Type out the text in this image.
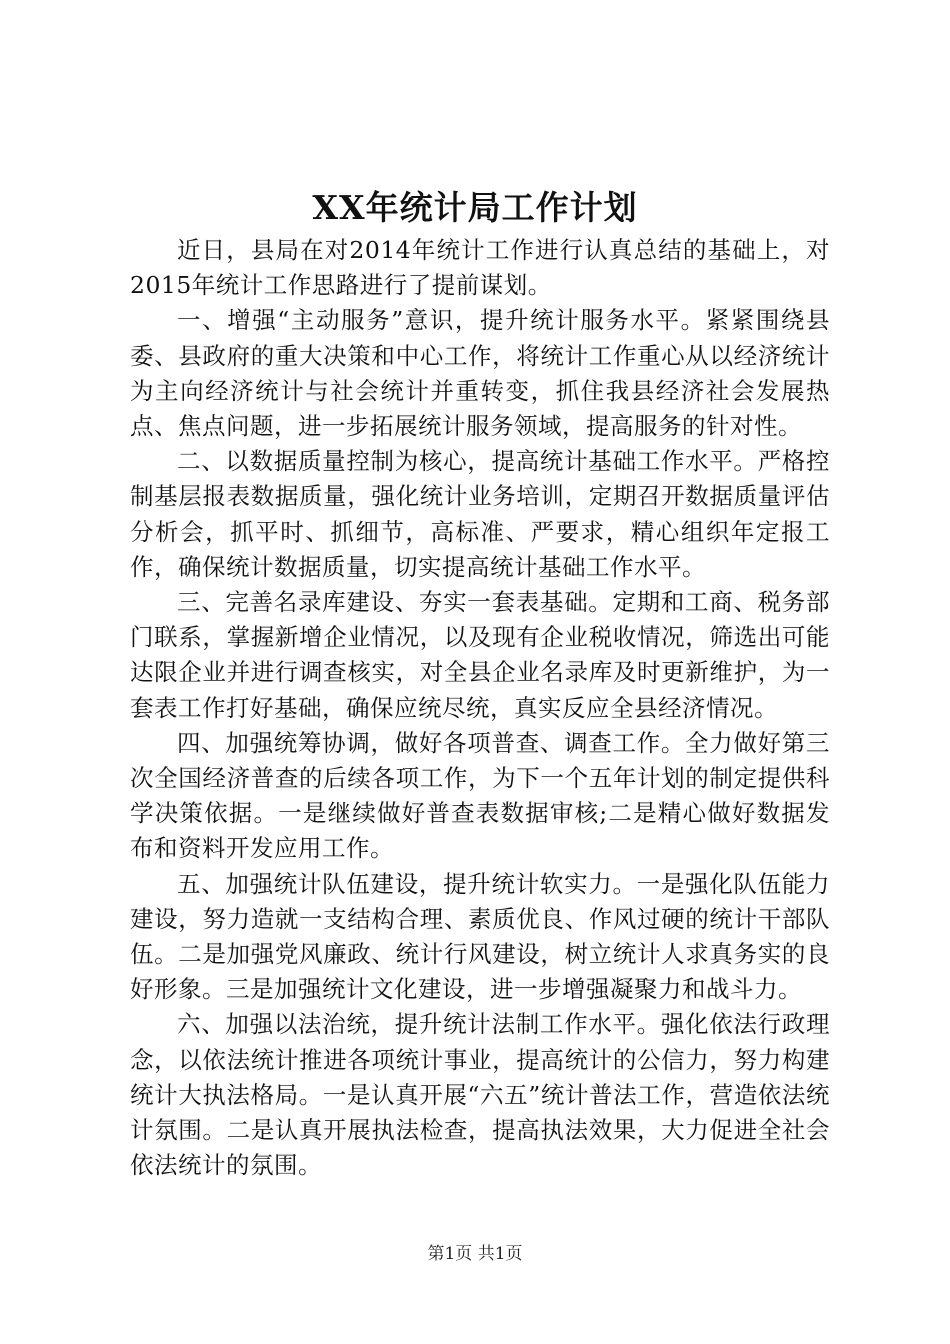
XX年统计局工作计划

近日，县局在对2014年统计工作进行认真总结的基础上，对2015年统计工作思路进行了提前谋划。

一、增强“主动服务”意识，提升统计服务水平。紧紧围绕县委、县政府的重大决策和中心工作，将统计工作重心从以经济统计为主向经济统计与社会统计并重转变，抓住我县经济社会发展热点、焦点问题，进一步拓展统计服务领域，提高服务的针对性。

二、以数据质量控制为核心，提高统计基础工作水平。严格控制基层报表数据质量，强化统计业务培训，定期召开数据质量评估分析会，抓平时、抓细节，高标准、严要求，精心组织年定报工作，确保统计数据质量，切实提高统计基础工作水平。

三、完善名录库建设、夯实一套表基础。定期和工商、税务部门联系，掌握新增企业情况，以及现有企业税收情况，筛选出可能达限企业并进行调查核实，对全县企业名录库及时更新维护，为一套表工作打好基础，确保应统尽统，真实反应全县经济情况。

四、加强统筹协调，做好各项普查、调查工作。全力做好第三次全国经济普查的后续各项工作，为下一个五年计划的制定提供科学决策依据。一是继续做好普查表数据审核;二是精心做好数据发布和资料开发应用工作。

五、加强统计队伍建设，提升统计软实力。一是强化队伍能力建设，努力造就一支结构合理、素质优良、作风过硬的统计干部队伍。二是加强党风廉政、统计行风建设，树立统计人求真务实的良好形象。三是加强统计文化建设，进一步增强凝聚力和战斗力。

六、加强以法治统，提升统计法制工作水平。强化依法行政理念，以依法统计推进各项统计事业，提高统计的公信力，努力构建统计大执法格局。一是认真开展“六五”统计普法工作，营造依法统计氛围。二是认真开展执法检查，提高执法效果，大力促进全社会依法统计的氛围。

第1页 共1页
